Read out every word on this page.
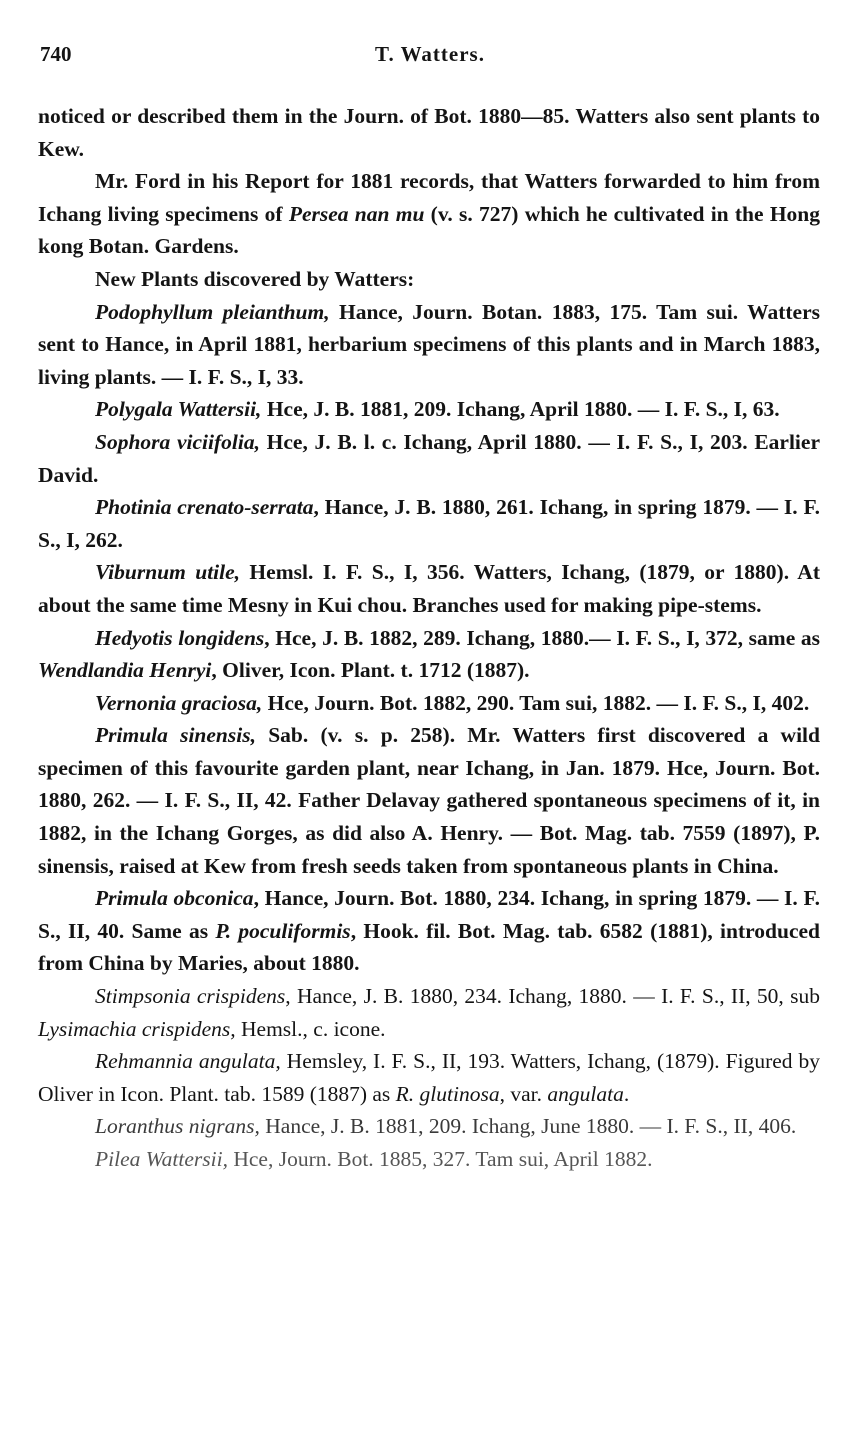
740	T. Watters.

noticed or described them in the Journ. of Bot. 1880—85. Watters also sent plants to Kew.

Mr. Ford in his Report for 1881 records, that Watters forwarded to him from Ichang living specimens of Persea nan mu (v. s. 727) which he cultivated in the Hong kong Botan. Gardens.

New Plants discovered by Watters:

Podophyllum pleianthum, Hance, Journ. Botan. 1883, 175. Tam sui. Watters sent to Hance, in April 1881, herbarium specimens of this plants and in March 1883, living plants. — I. F. S., I, 33.

Polygala Wattersii, Hce, J. B. 1881, 209. Ichang, April 1880. — I. F. S., I, 63.

Sophora viciifolia, Hce, J. B. l. c. Ichang, April 1880. — I. F. S., I, 203. Earlier David.

Photinia crenato-serrata, Hance, J. B. 1880, 261. Ichang, in spring 1879. — I. F. S., I, 262.

Viburnum utile, Hemsl. I. F. S., I, 356. Watters, Ichang, (1879, or 1880). At about the same time Mesny in Kui chou. Branches used for making pipe-stems.

Hedyotis longidens, Hce, J. B. 1882, 289. Ichang, 1880.— I. F. S., I, 372, same as Wendlandia Henryi, Oliver, Icon. Plant. t. 1712 (1887).

Vernonia graciosa, Hce, Journ. Bot. 1882, 290. Tam sui, 1882. — I. F. S., I, 402.

Primula sinensis, Sab. (v. s. p. 258). Mr. Watters first discovered a wild specimen of this favourite garden plant, near Ichang, in Jan. 1879. Hce, Journ. Bot. 1880, 262. — I. F. S., II, 42. Father Delavay gathered spontaneous specimens of it, in 1882, in the Ichang Gorges, as did also A. Henry. — Bot. Mag. tab. 7559 (1897), P. sinensis, raised at Kew from fresh seeds taken from spontaneous plants in China.

Primula obconica, Hance, Journ. Bot. 1880, 234. Ichang, in spring 1879. — I. F. S., II, 40. Same as P. poculiformis, Hook. fil. Bot. Mag. tab. 6582 (1881), introduced from China by Maries, about 1880.

Stimpsonia crispidens, Hance, J. B. 1880, 234. Ichang, 1880. — I. F. S., II, 50, sub Lysimachia crispidens, Hemsl., c. icone.

Rehmannia angulata, Hemsley, I. F. S., II, 193. Watters, Ichang, (1879). Figured by Oliver in Icon. Plant. tab. 1589 (1887) as R. glutinosa, var. angulata.

Loranthus nigrans, Hance, J. B. 1881, 209. Ichang, June 1880. — I. F. S., II, 406.

Pilea Wattersii, Hce, Journ. Bot. 1885, 327. Tam sui, April 1882.
